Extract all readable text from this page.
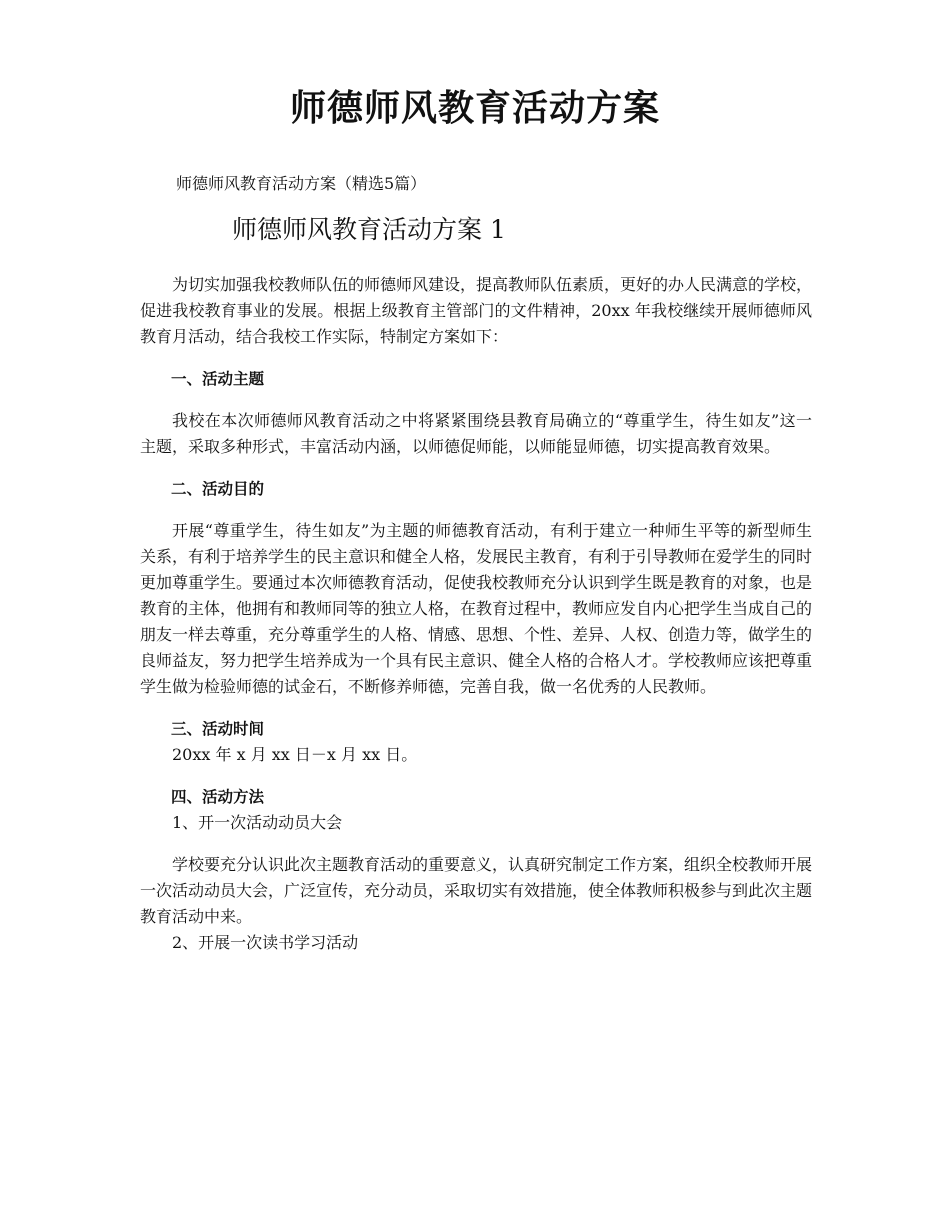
师德师风教育活动方案

师德师风教育活动方案（精选5篇）

师德师风教育活动方案 1

为切实加强我校教师队伍的师德师风建设，提高教师队伍素质，更好的办人民满意的学校，促进我校教育事业的发展。根据上级教育主管部门的文件精神，20xx 年我校继续开展师德师风教育月活动，结合我校工作实际，特制定方案如下：

一、活动主题

我校在本次师德师风教育活动之中将紧紧围绕县教育局确立的“尊重学生，待生如友”这一主题，采取多种形式，丰富活动内涵，以师德促师能，以师能显师德，切实提高教育效果。

二、活动目的

开展“尊重学生，待生如友”为主题的师德教育活动，有利于建立一种师生平等的新型师生关系，有利于培养学生的民主意识和健全人格，发展民主教育，有利于引导教师在爱学生的同时更加尊重学生。要通过本次师德教育活动，促使我校教师充分认识到学生既是教育的对象，也是教育的主体，他拥有和教师同等的独立人格，在教育过程中，教师应发自内心把学生当成自己的朋友一样去尊重，充分尊重学生的人格、情感、思想、个性、差异、人权、创造力等，做学生的良师益友，努力把学生培养成为一个具有民主意识、健全人格的合格人才。学校教师应该把尊重学生做为检验师德的试金石，不断修养师德，完善自我，做一名优秀的人民教师。

三、活动时间

20xx 年 x 月 xx 日－x 月 xx 日。

四、活动方法

1、开一次活动动员大会

学校要充分认识此次主题教育活动的重要意义，认真研究制定工作方案，组织全校教师开展一次活动动员大会，广泛宣传，充分动员，采取切实有效措施，使全体教师积极参与到此次主题教育活动中来。

2、开展一次读书学习活动
